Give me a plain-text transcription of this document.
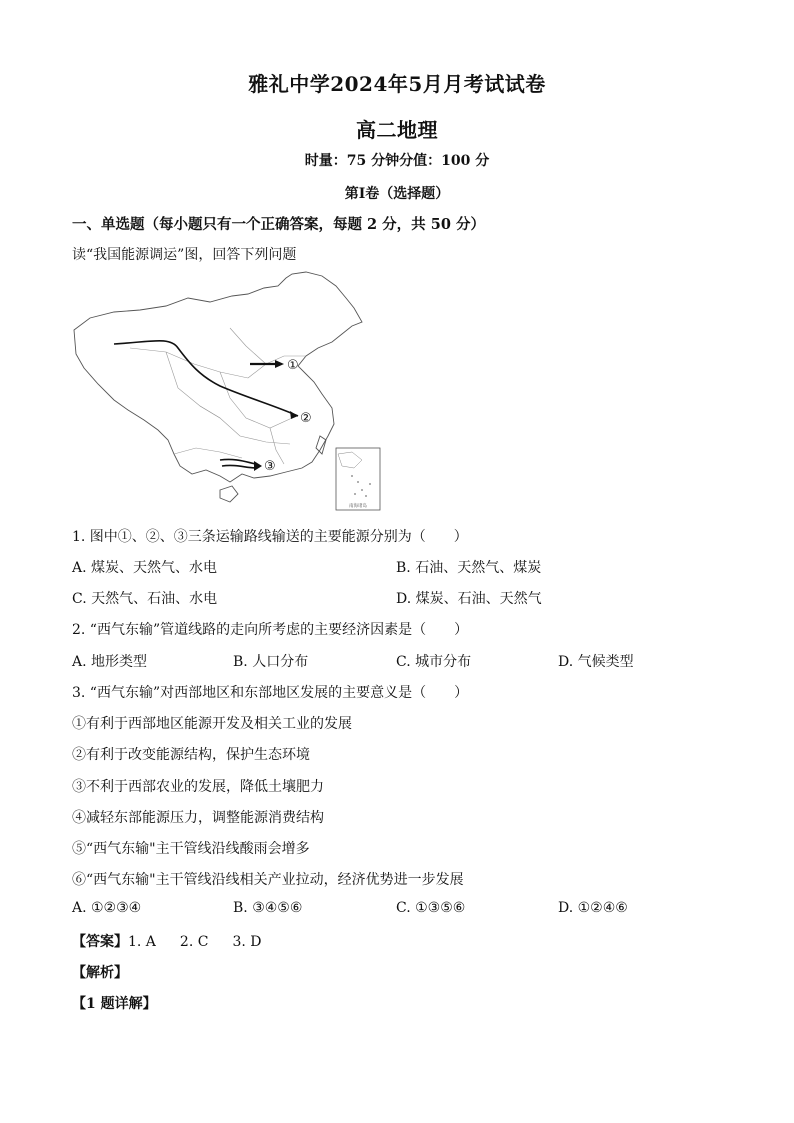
雅礼中学2024年5月月考试试卷
高二地理
时量：75 分钟分值：100 分
第Ⅰ卷（选择题）
一、单选题（每小题只有一个正确答案，每题 2 分，共 50 分）
读“我国能源调运”图，回答下列问题
南海诸岛
①
②
③
1. 图中①、②、③三条运输路线输送的主要能源分别为（　　）
A. 煤炭、天然气、水电	B. 石油、天然气、煤炭
C. 天然气、石油、水电	D. 煤炭、石油、天然气
2. “西气东输”管道线路的走向所考虑的主要经济因素是（　　）
A. 地形类型	B. 人口分布	C. 城市分布	D. 气候类型
3. “西气东输”对西部地区和东部地区发展的主要意义是（　　）
①有利于西部地区能源开发及相关工业的发展
②有利于改变能源结构，保护生态环境
③不利于西部农业的发展，降低土壤肥力
④减轻东部能源压力，调整能源消费结构
⑤“西气东输"主干管线沿线酸雨会增多
⑥“西气东输"主干管线沿线相关产业拉动，经济优势进一步发展
A. ①②③④	B. ③④⑤⑥	C. ①③⑤⑥	D. ①②④⑥
【答案】1. A 2. C 3. D
【解析】
【1 题详解】
